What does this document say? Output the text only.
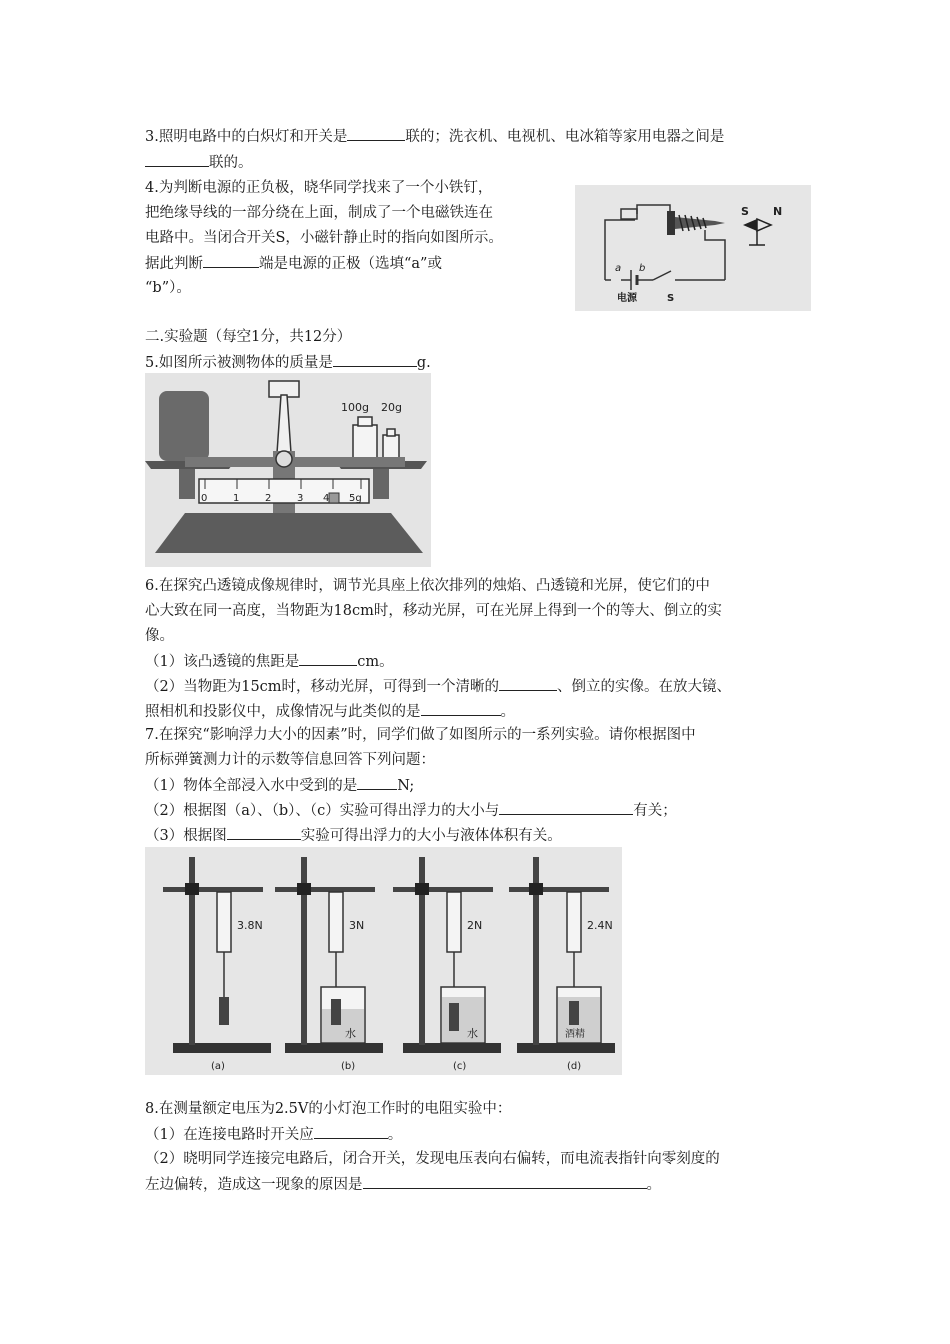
3.照明电路中的白炽灯和开关是	联的；洗衣机、电视机、电冰箱等家用电器之间是
联的。
4.为判断电源的正负极，晓华同学找来了一个小铁钉，
把绝缘导线的一部分绕在上面，制成了一个电磁铁连在
电路中。当闭合开关S，小磁针静止时的指向如图所示。
据此判断	端是电源的正极（选填“a”或
“b”）。
S N
a b
电源	S
二.实验题（每空1分，共12分）
5.如图所示被测物体的质量是	g.
100g 20g
0	1	2	3 4 5g
6.在探究凸透镜成像规律时，调节光具座上依次排列的烛焰、凸透镜和光屏，使它们的中
心大致在同一高度，当物距为18cm时，移动光屏，可在光屏上得到一个的等大、倒立的实
像。
（1）该凸透镜的焦距是	cm。
（2）当物距为15cm时，移动光屏，可得到一个清晰的	、倒立的实像。在放大镜、
照相机和投影仪中，成像情况与此类似的是	。
7.在探究“影响浮力大小的因素”时，同学们做了如图所示的一系列实验。请你根据图中
所标弹簧测力计的示数等信息回答下列问题：
（1）物体全部浸入水中受到的是	N;
（2）根据图（a）、（b）、（c）实验可得出浮力的大小与	有关；
（3）根据图	实验可得出浮力的大小与液体体积有关。
3.8N
(a)
3N
水
(b)
2N
水
(c)
2.4N
酒精
(d)
8.在测量额定电压为2.5V的小灯泡工作时的电阻实验中：
（1）在连接电路时开关应	。
（2）晓明同学连接完电路后，闭合开关，发现电压表向右偏转，而电流表指针向零刻度的
左边偏转，造成这一现象的原因是	。
